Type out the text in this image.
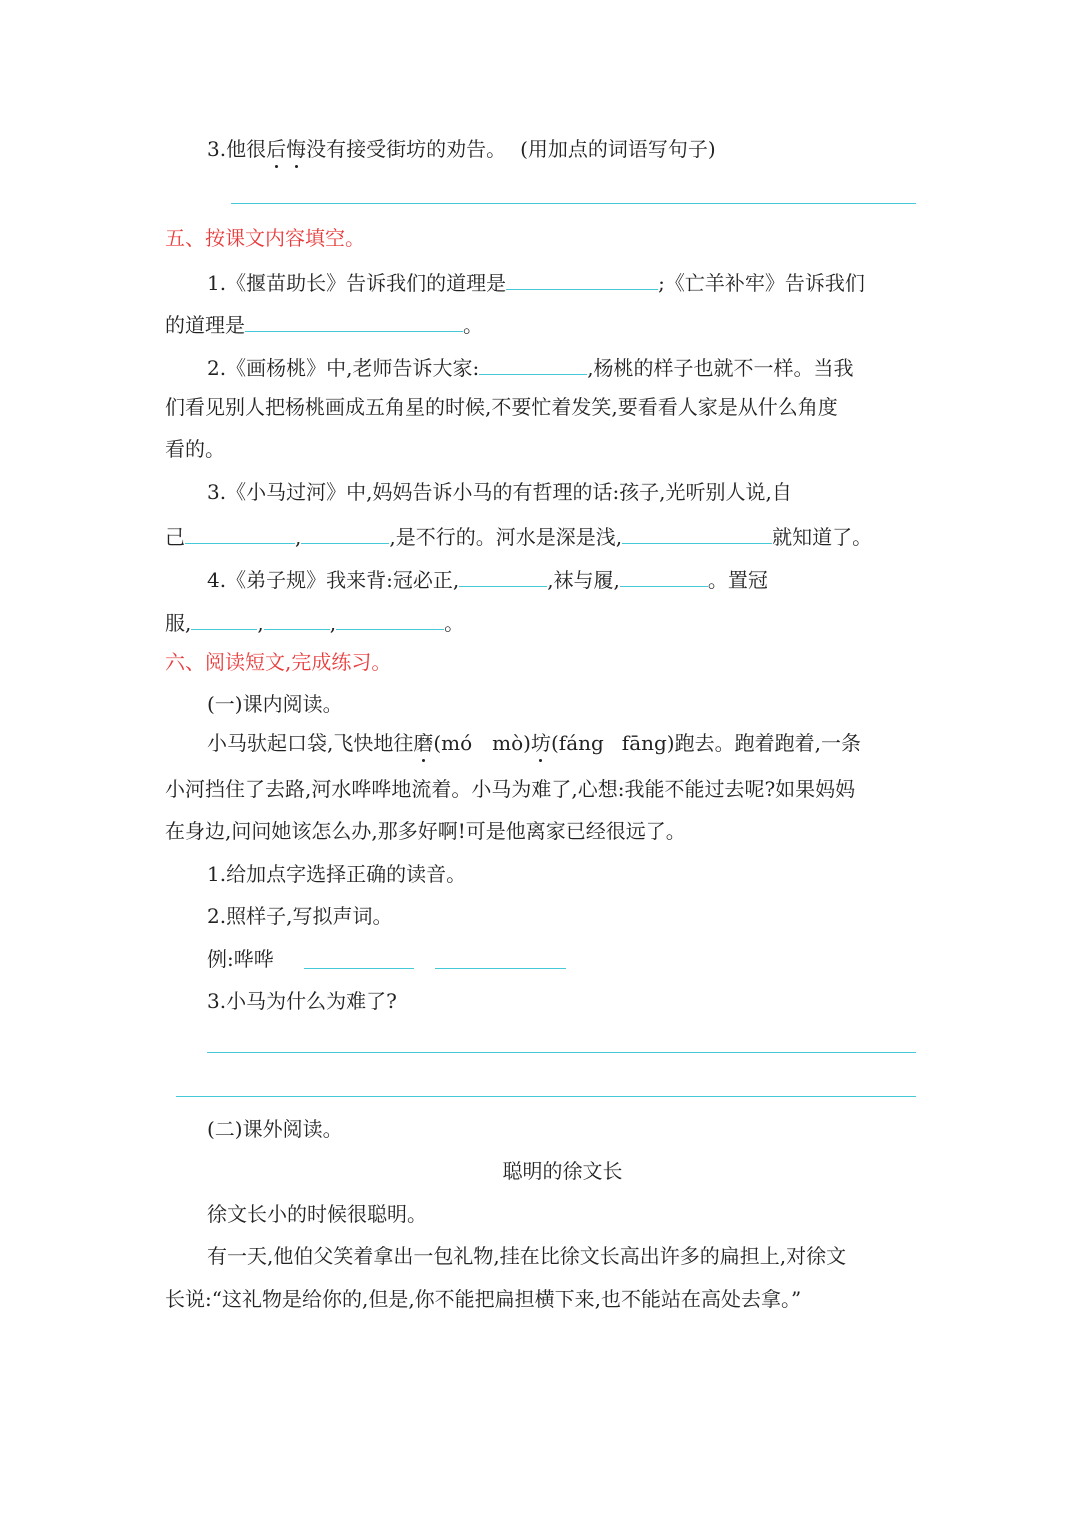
3.他很后悔没有接受街坊的劝告。 (用加点的词语写句子)
五、按课文内容填空。
1.《揠苗助长》告诉我们的道理是	;《亡羊补牢》告诉我们
的道理是	。
2.《画杨桃》中,老师告诉大家:	,杨桃的样子也就不一样。当我
们看见别人把杨桃画成五角星的时候,不要忙着发笑,要看看人家是从什么角度
看的。
3.《小马过河》中,妈妈告诉小马的有哲理的话:孩子,光听别人说,自
己	,	,是不行的。河水是深是浅,	就知道了。
4.《弟子规》我来背:冠必正,	,袜与履,	。置冠
服,	,	,	。
六、阅读短文,完成练习。
(一)课内阅读。
小马驮起口袋,飞快地往磨(mó mò)坊(fáng fāng)跑去。跑着跑着,一条
小河挡住了去路,河水哗哗地流着。小马为难了,心想:我能不能过去呢?如果妈妈
在身边,问问她该怎么办,那多好啊!可是他离家已经很远了。
1.给加点字选择正确的读音。
2.照样子,写拟声词。
例:哗哗
3.小马为什么为难了?
(二)课外阅读。
聪明的徐文长
徐文长小的时候很聪明。
有一天,他伯父笑着拿出一包礼物,挂在比徐文长高出许多的扁担上,对徐文
长说:“这礼物是给你的,但是,你不能把扁担横下来,也不能站在高处去拿。”
